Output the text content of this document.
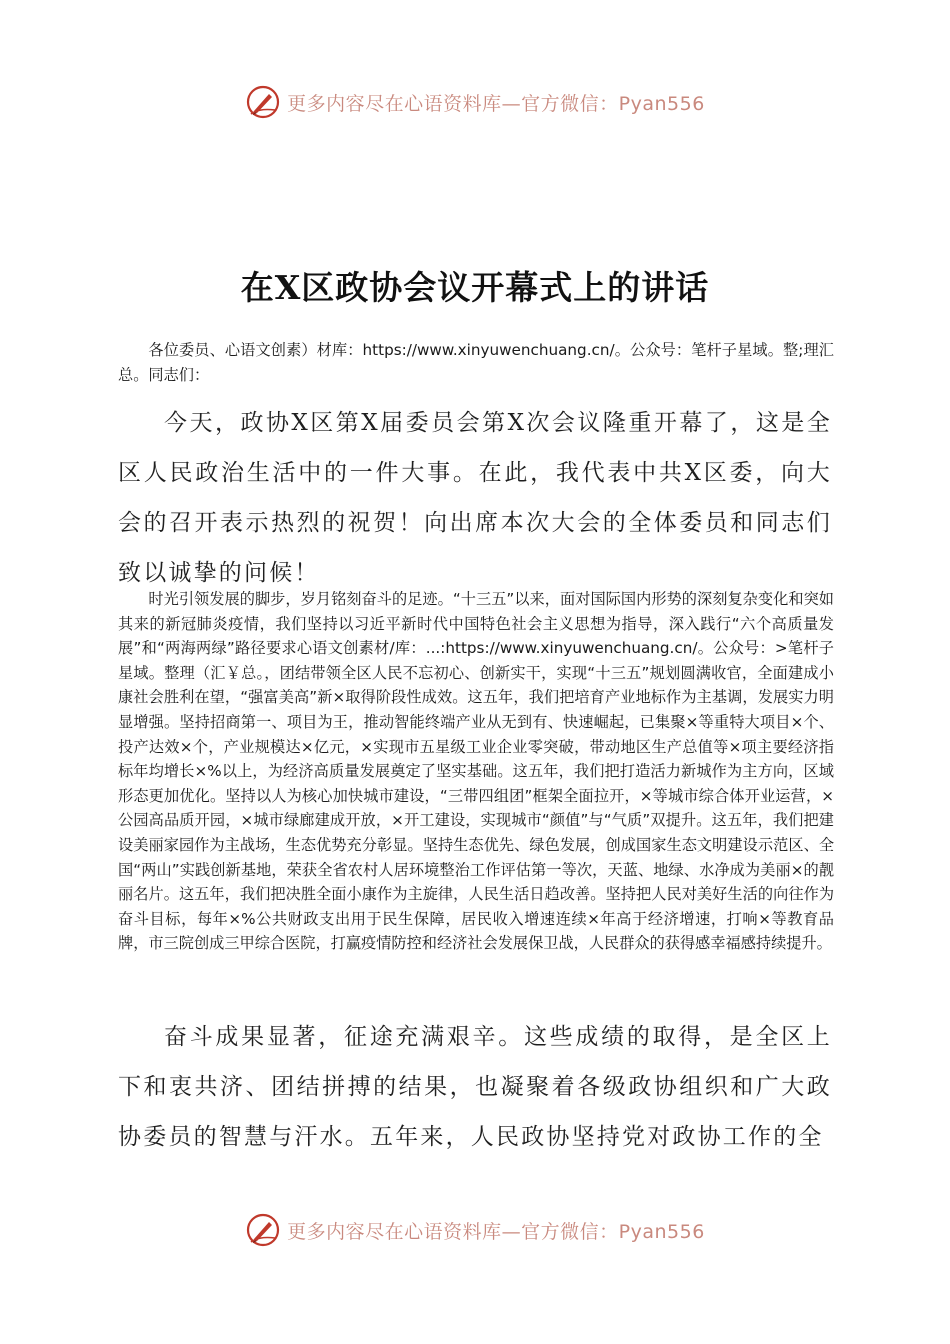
更多内容尽在心语资料库—官方微信：Pyan556
在X区政协会议开幕式上的讲话

各位委员、心语文创素）材库：https://www.xinyuwenchuang.cn/。公众号：笔杆子星域。整;理汇总。同志们：

今天，政协X区第X届委员会第X次会议隆重开幕了，这是全区人民政治生活中的一件大事。在此，我代表中共X区委，向大会的召开表示热烈的祝贺！向出席本次大会的全体委员和同志们致以诚挚的问候！

时光引领发展的脚步，岁月铭刻奋斗的足迹。“十三五”以来，面对国际国内形势的深刻复杂变化和突如其来的新冠肺炎疫情，我们坚持以习近平新时代中国特色社会主义思想为指导，深入践行“六个高质量发展”和“两海两绿”路径要求心语文创素材/库：...:https://www.xinyuwenchuang.cn/。公众号：>笔杆子星域。整理（汇￥总。，团结带领全区人民不忘初心、创新实干，实现“十三五”规划圆满收官，全面建成小康社会胜利在望，“强富美高”新×取得阶段性成效。这五年，我们把培育产业地标作为主基调，发展实力明显增强。坚持招商第一、项目为王，推动智能终端产业从无到有、快速崛起，已集聚×等重特大项目×个、投产达效×个，产业规模达×亿元，×实现市五星级工业企业零突破，带动地区生产总值等×项主要经济指标年均增长×%以上，为经济高质量发展奠定了坚实基础。这五年，我们把打造活力新城作为主方向，区域形态更加优化。坚持以人为核心加快城市建设，“三带四组团”框架全面拉开，×等城市综合体开业运营，×公园高品质开园，×城市绿廊建成开放，×开工建设，实现城市“颜值”与“气质”双提升。这五年，我们把建设美丽家园作为主战场，生态优势充分彰显。坚持生态优先、绿色发展，创成国家生态文明建设示范区、全国“两山”实践创新基地，荣获全省农村人居环境整治工作评估第一等次，天蓝、地绿、水净成为美丽×的靓丽名片。这五年，我们把决胜全面小康作为主旋律，人民生活日趋改善。坚持把人民对美好生活的向往作为奋斗目标，每年×%公共财政支出用于民生保障，居民收入增速连续×年高于经济增速，打响×等教育品牌，市三院创成三甲综合医院，打赢疫情防控和经济社会发展保卫战，人民群众的获得感幸福感持续提升。

奋斗成果显著，征途充满艰辛。这些成绩的取得，是全区上下和衷共济、团结拼搏的结果，也凝聚着各级政协组织和广大政协委员的智慧与汗水。五年来，人民政协坚持党对政协工作的全

更多内容尽在心语资料库—官方微信：Pyan556
